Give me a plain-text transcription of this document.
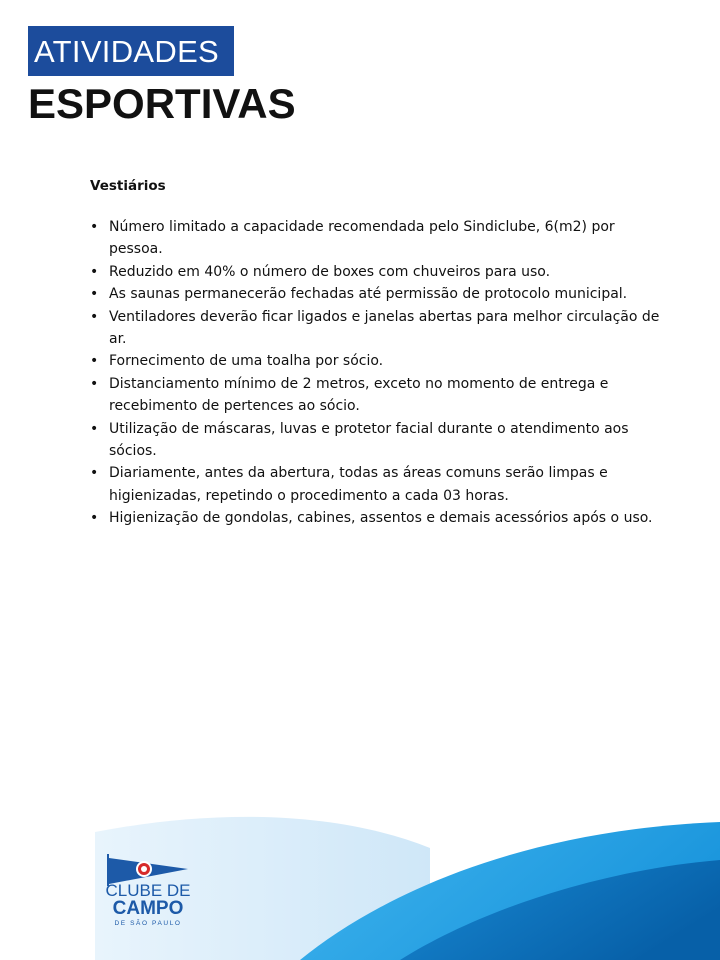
ATIVIDADES
ESPORTIVAS
Vestiários
• Número limitado a capacidade recomendada pelo Sindiclube, 6(m2) por pessoa.
• Reduzido em 40% o número de boxes com chuveiros para uso.
• As saunas permanecerão fechadas até permissão de protocolo municipal.
• Ventiladores deverão ficar ligados e janelas abertas para melhor circulação de ar.
• Fornecimento de uma toalha por sócio.
• Distanciamento mínimo de 2 metros, exceto no momento de entrega e recebimento de pertences ao sócio.
• Utilização de máscaras, luvas e protetor facial durante o atendimento aos sócios.
• Diariamente, antes da abertura, todas as áreas comuns serão limpas e higienizadas, repetindo o procedimento a cada 03 horas.
• Higienização de gondolas, cabines, assentos e demais acessórios após o uso.
CLUBE DE
CAMPO
DE SÃO PAULO
